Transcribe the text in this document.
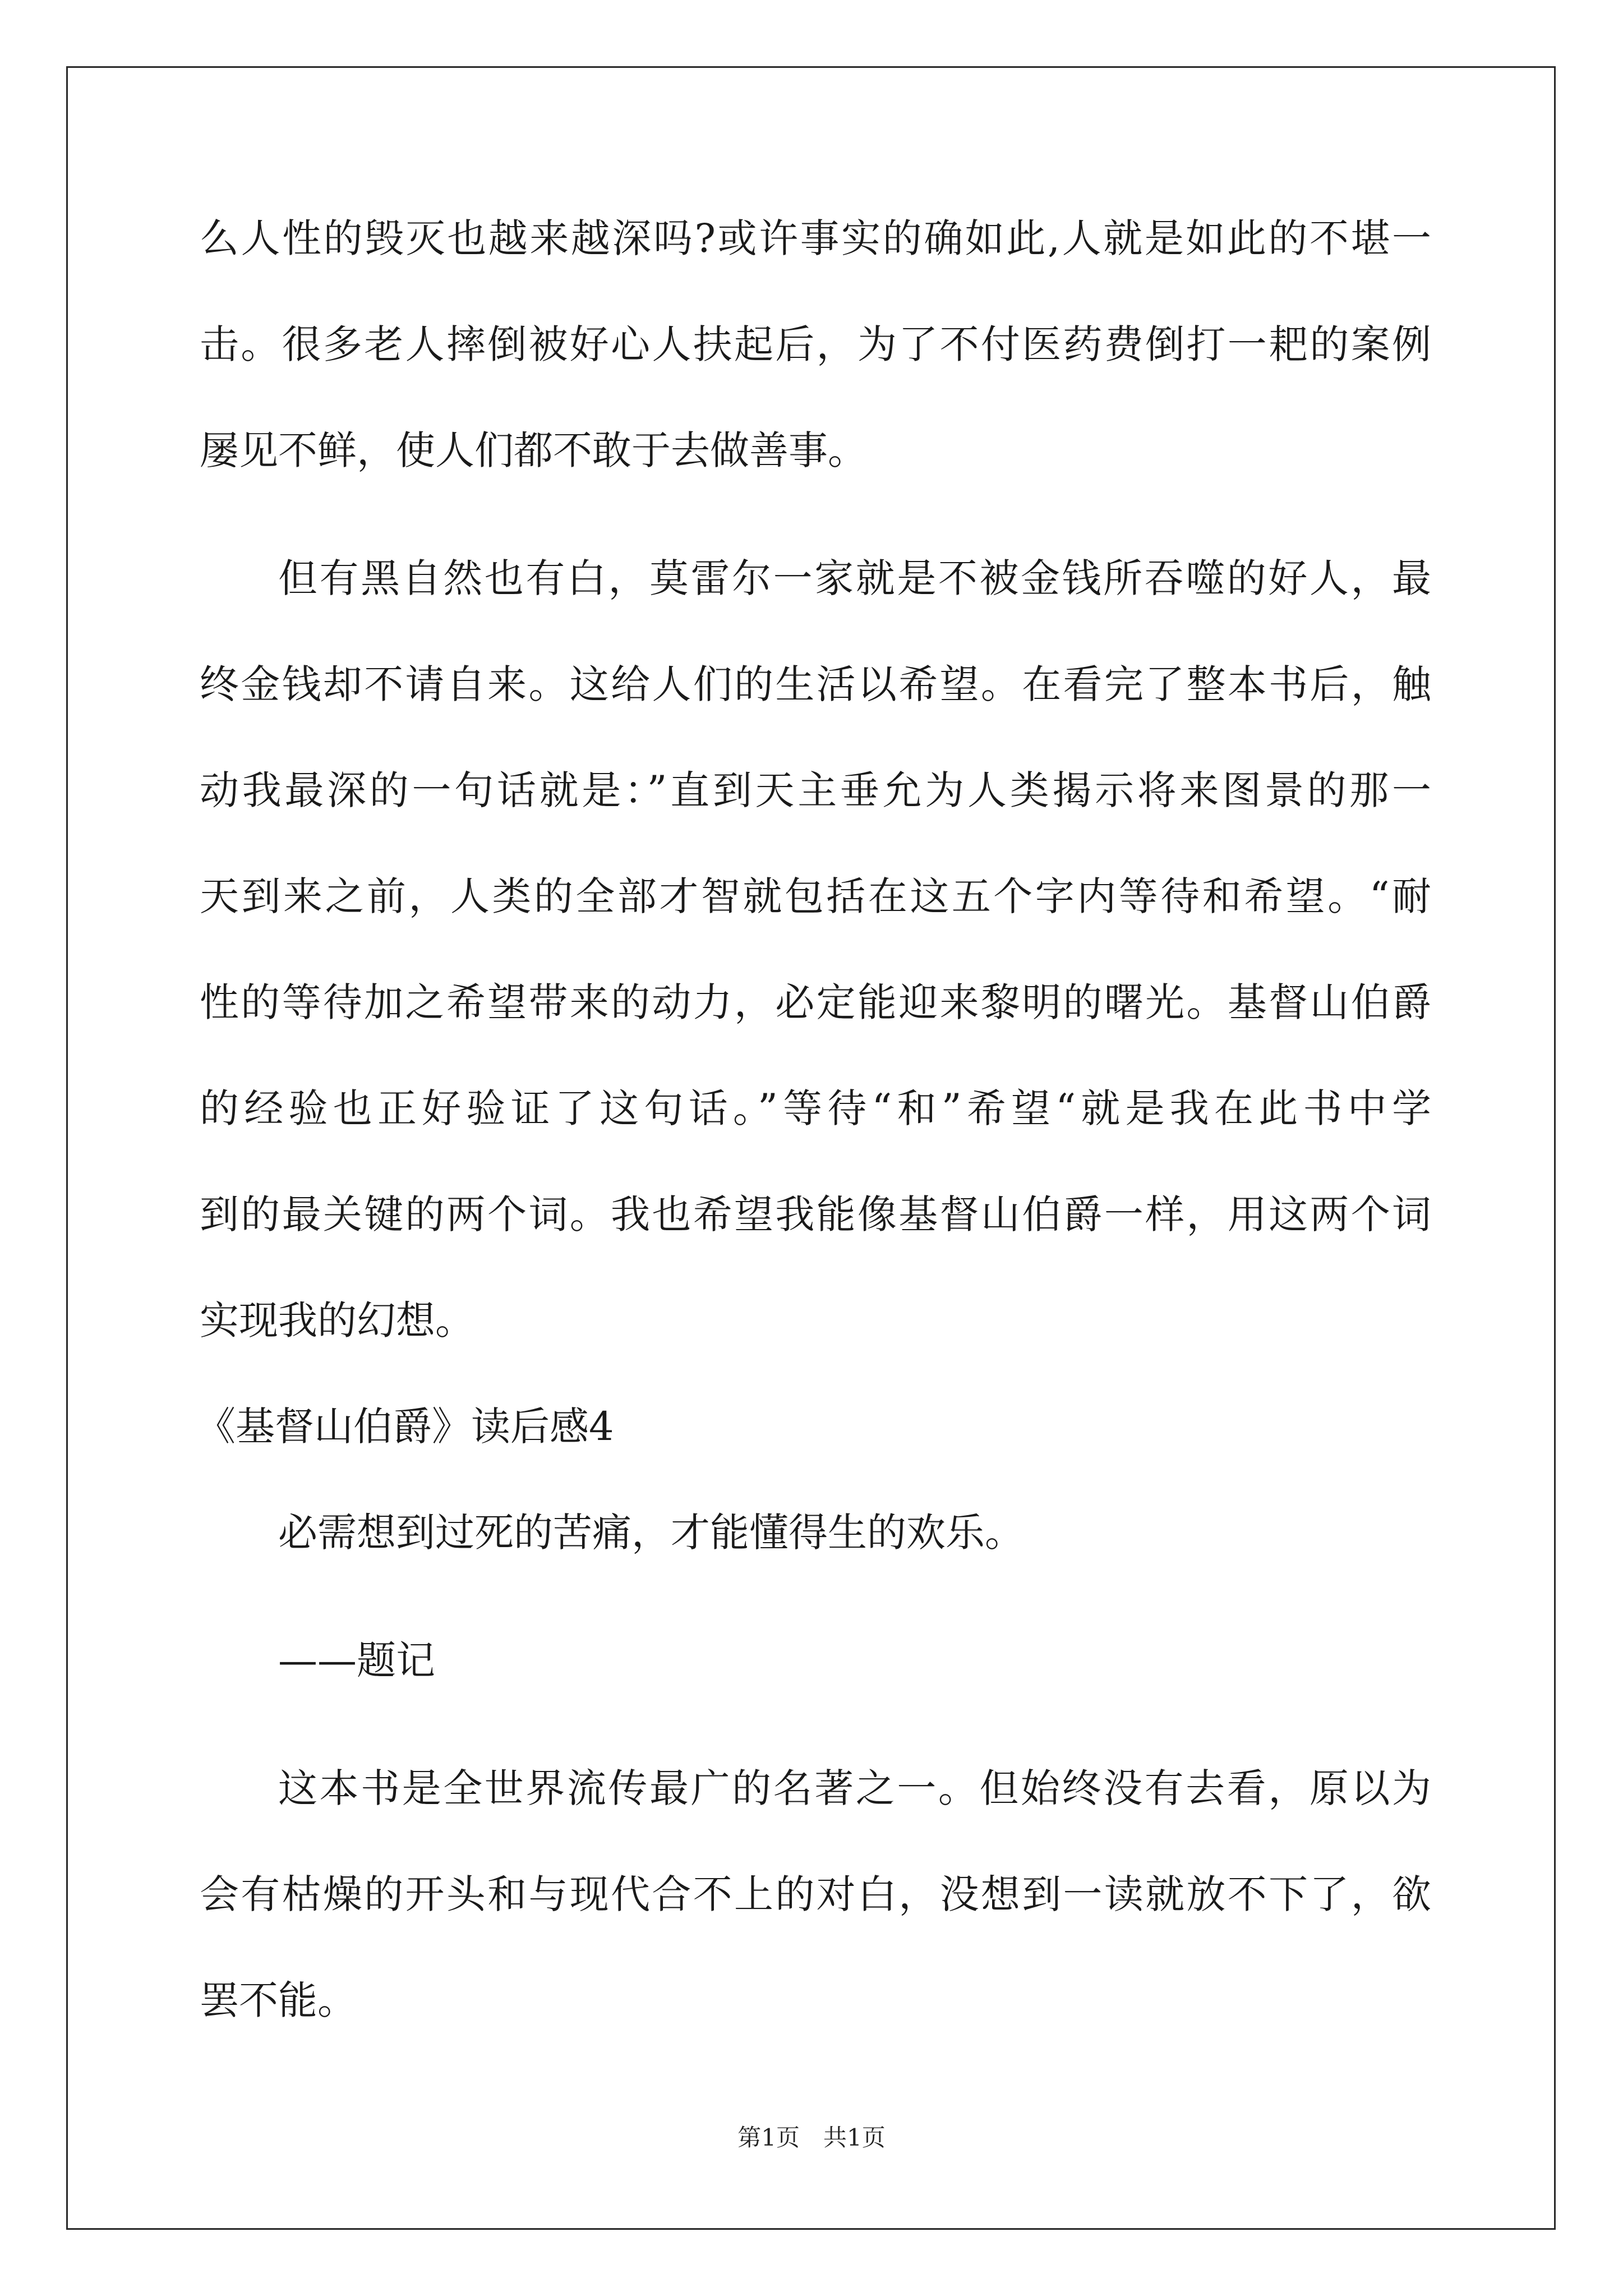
么人性的毁灭也越来越深吗?或许事实的确如此,人就是如此的不堪一
击。很多老人摔倒被好心人扶起后，为了不付医药费倒打一耙的案例
屡见不鲜，使人们都不敢于去做善事。
但有黑自然也有白，莫雷尔一家就是不被金钱所吞噬的好人，最
终金钱却不请自来。这给人们的生活以希望。在看完了整本书后，触
动我最深的一句话就是：”直到天主垂允为人类揭示将来图景的那一
天到来之前，人类的全部才智就包括在这五个字内等待和希望。“耐
性的等待加之希望带来的动力，必定能迎来黎明的曙光。基督山伯爵
的经验也正好验证了这句话。”等待“和”希望“就是我在此书中学
到的最关键的两个词。我也希望我能像基督山伯爵一样，用这两个词
实现我的幻想。
《基督山伯爵》读后感4
必需想到过死的苦痛，才能懂得生的欢乐。
——题记
这本书是全世界流传最广的名著之一。但始终没有去看，原以为
会有枯燥的开头和与现代合不上的对白，没想到一读就放不下了，欲
罢不能。
第1页　共1页
